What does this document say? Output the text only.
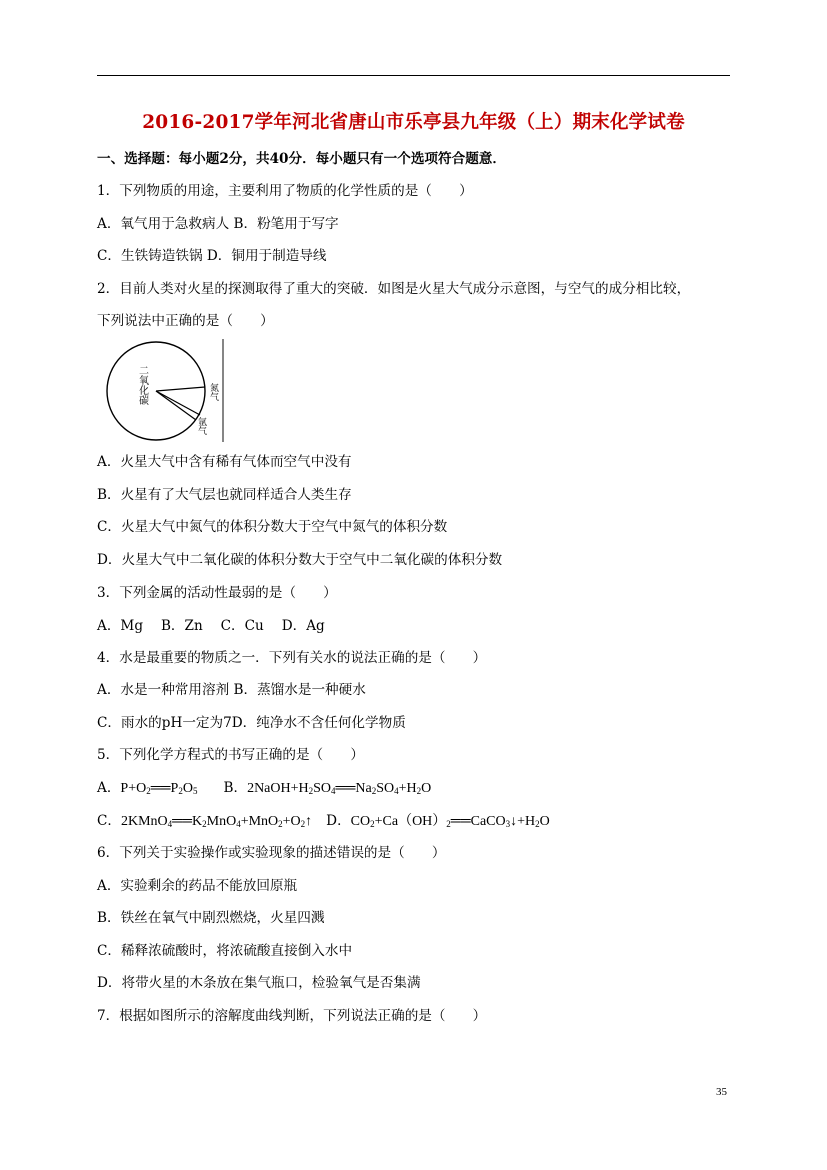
2016-2017学年河北省唐山市乐亭县九年级（上）期末化学试卷
一、选择题：每小题2分，共40分．每小题只有一个选项符合题意．
1．下列物质的用途，主要利用了物质的化学性质的是（　　）
A．氧气用于急救病人 B．粉笔用于写字
C．生铁铸造铁锅 D．铜用于制造导线
2．目前人类对火星的探测取得了重大的突破．如图是火星大气成分示意图，与空气的成分相比较，
下列说法中正确的是（　　）
二氧化碳	氮气
氩气
A．火星大气中含有稀有气体而空气中没有
B．火星有了大气层也就同样适合人类生存
C．火星大气中氮气的体积分数大于空气中氮气的体积分数
D．火星大气中二氧化碳的体积分数大于空气中二氧化碳的体积分数
3．下列金属的活动性最弱的是（　　）
A．Mg　 B．Zn　 C．Cu　 D．Ag
4．水是最重要的物质之一．下列有关水的说法正确的是（　　）
A．水是一种常用溶剂 B．蒸馏水是一种硬水
C．雨水的pH一定为7D．纯净水不含任何化学物质
5．下列化学方程式的书写正确的是（　　）
A．$P+O_2══P_2O_5$ B．$2NaOH+H_2SO_4══Na_2SO_4+H_2O$
C．$2KMnO_4══K_2MnO_4+MnO_2+O_2↑$ D．$CO_2+Ca(OH)_2══CaCO_3↓+H_2O$
6．下列关于实验操作或实验现象的描述错误的是（　　）
A．实验剩余的药品不能放回原瓶
B．铁丝在氧气中剧烈燃烧，火星四溅
C．稀释浓硫酸时，将浓硫酸直接倒入水中
D．将带火星的木条放在集气瓶口，检验氧气是否集满
7．根据如图所示的溶解度曲线判断，下列说法正确的是（　　）
35
